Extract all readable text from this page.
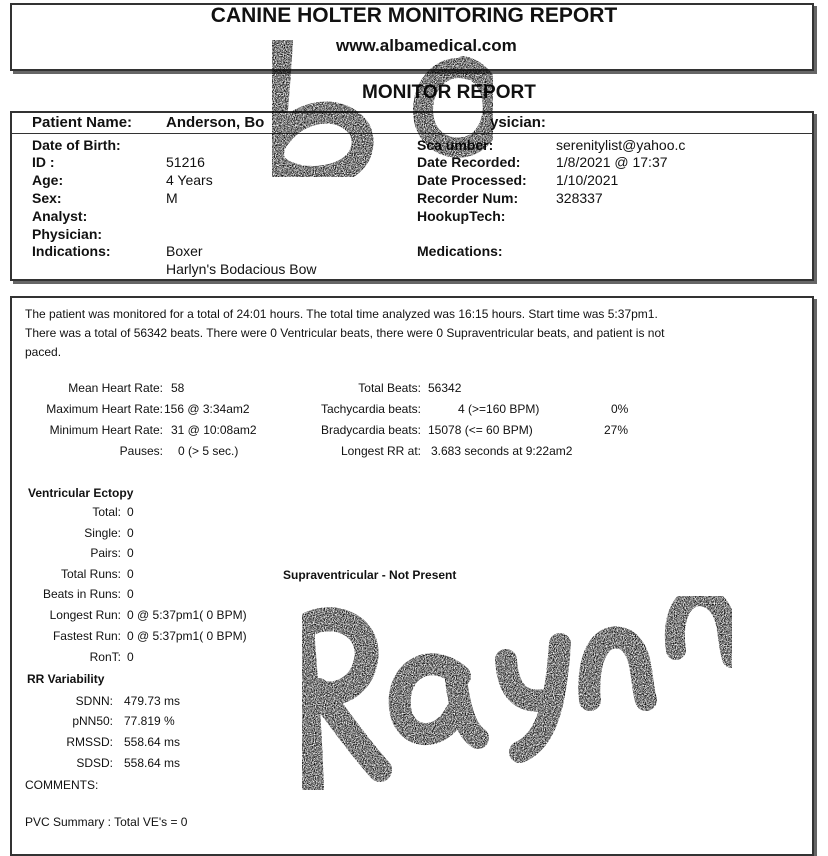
CANINE HOLTER MONITORING REPORT
www.albamedical.com
MONITOR REPORT
Patient Name: Anderson, Bo	ysician:
Date of Birth:
ID :	51216
Age:	4 Years
Sex:	M
Analyst:
Physician:
Indications:	Boxer
Harlyn's Bodacious Bow
Sca umber:	serenitylist@yahoo.c
Date Recorded:	1/8/2021 @ 17:37
Date Processed: 1/10/2021
Recorder Num:	328337
HookupTech:
Medications:
The patient was monitored for a total of 24:01 hours. The total time analyzed was 16:15 hours. Start time was 5:37pm1.
There was a total of 56342 beats. There were 0 Ventricular beats, there were 0 Supraventricular beats, and patient is not
paced.
Mean Heart Rate: 58
Maximum Heart Rate: 156 @ 3:34am2
Minimum Heart Rate: 31 @ 10:08am2
Pauses: 0 (> 5 sec.)
Total Beats: 56342
Tachycardia beats:	4 (>=160 BPM)	0%
Bradycardia beats: 15078 (<= 60 BPM)	27%
Longest RR at: 3.683 seconds at 9:22am2
Ventricular Ectopy
Total: 0
Single: 0
Pairs: 0
Total Runs: 0
Beats in Runs: 0
Longest Run: 0 @ 5:37pm1( 0 BPM)
Fastest Run: 0 @ 5:37pm1( 0 BPM)
RonT: 0
Supraventricular - Not Present
RR Variability
SDNN: 479.73 ms
pNN50: 77.819 %
RMSSD: 558.64 ms
SDSD: 558.64 ms
COMMENTS:
PVC Summary : Total VE's = 0
